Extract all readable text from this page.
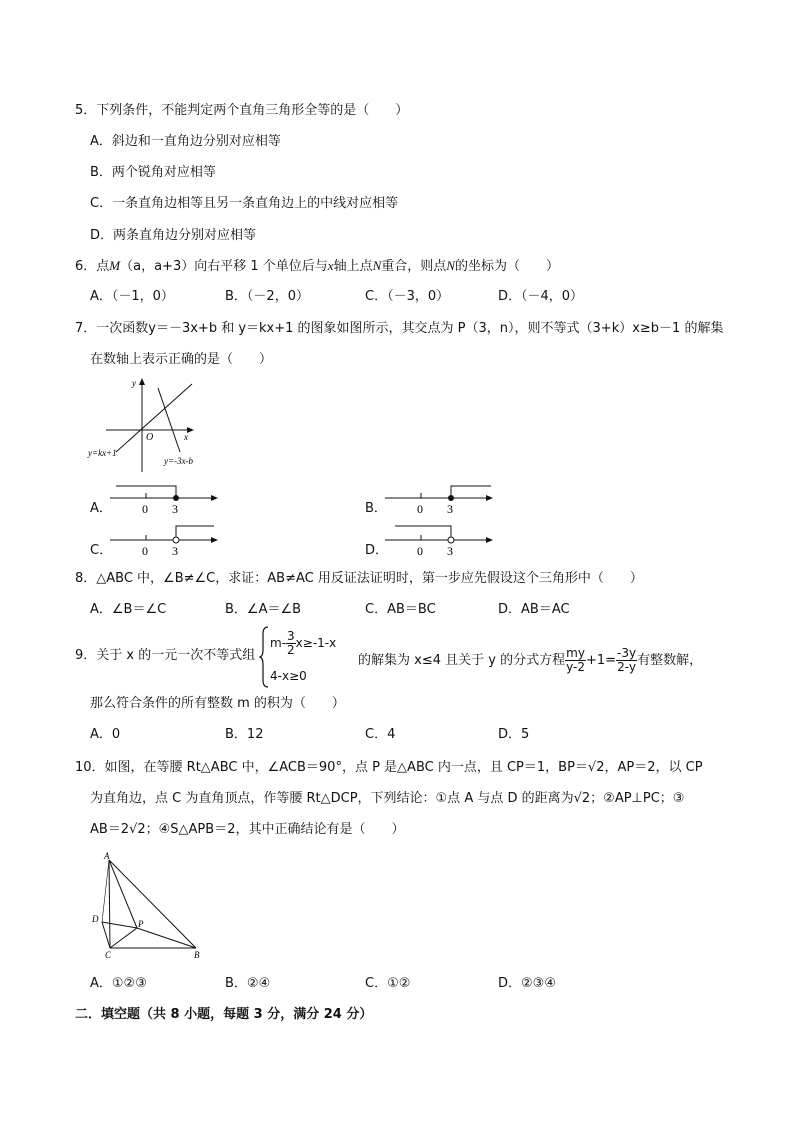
5．下列条件，不能判定两个直角三角形全等的是（　　）
A．斜边和一直角边分别对应相等
B．两个锐角对应相等
C．一条直角边相等且另一条直角边上的中线对应相等
D．两条直角边分别对应相等
6．点M（a，a+3）向右平移 1 个单位后与x轴上点N重合，则点N的坐标为（　　）
A．（－1，0）	B．（－2，0）	C．（－3，0）	D．（－4，0）
7．一次函数y＝－3x+b 和 y＝kx+1 的图象如图所示，其交点为 P（3，n），则不等式（3+k）x≥b－1 的解集
在数轴上表示正确的是（　　）
y
x
O
y=kx+1
y=-3x-b
A．	0 3	B．	0 3
C． 0 3	D． 0 3
8．△ABC 中，∠B≠∠C，求证：AB≠AC 用反证法证明时，第一步应先假设这个三角形中（　　）
A．∠B＝∠C	B．∠A＝∠B	C．AB＝BC	D．AB＝AC
9．关于 x 的一元一次不等式组
$m- \frac{3}{2} x\ge-1-x$
4-x≥0
的解集为 x≤4 且关于 y 的分式方程 $\frac{my}{y-2} +1= \frac{-3y}{2-y}$ 有整数解，
那么符合条件的所有整数 m 的积为（　　）
A．0	B．12	C．4	D．5
10．如图，在等腰 Rt△ABC 中，∠ACB＝90°，点 P 是△ABC 内一点，且 CP＝1，BP＝√2，AP＝2，以 CP
为直角边，点 C 为直角顶点，作等腰 Rt△DCP，下列结论：①点 A 与点 D 的距离为√2；②AP⊥PC；③
AB＝2√2；④S△APB＝2，其中正确结论有是（　　）
A
D	P
C	B
A．①②③	B．②④	C．①②	D．②③④
二．填空题（共 8 小题，每题 3 分，满分 24 分）
